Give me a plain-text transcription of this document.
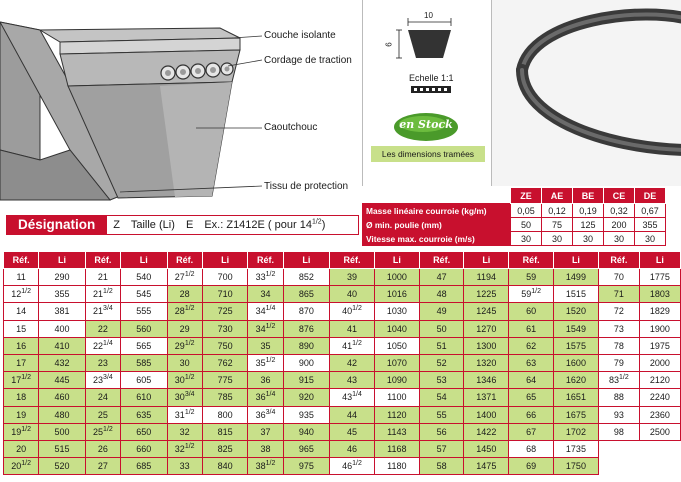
Couche isolante
Cordage de traction
Caoutchouc
Tissu de protection
10
6
Echelle 1:1
en Stock
Les dimensions tramées
Désignation	Z Taille (Li) E Ex.: Z1412E ( pour $14^{1/2}$)
	ZE	AE	BE	CE	DE
Masse linéaire courroie (kg/m)	0,05	0,12	0,19	0,32	0,67
Ø min. poulie (mm)	50	75	125	200	355
Vitesse max. courroie (m/s)	30	30	30	30	30
Réf.	Li	Réf.	Li	Réf.	Li	Réf.	Li	Réf.	Li	Réf.	Li	Réf.	Li	Réf.	Li
11	290	21	540	$27^{1/2}$	700	$33^{1/2}$	852	39	1000	47	1194	59	1499	70	1775
$12^{1/2}$	355	$21^{1/2}$	545	28	710	34	865	40	1016	48	1225	$59^{1/2}$	1515	71	1803
14	381	$21^{3/4}$	555	$28^{1/2}$	725	$34^{1/4}$	870	$40^{1/2}$	1030	49	1245	60	1520	72	1829
15	400	22	560	29	730	$34^{1/2}$	876	41	1040	50	1270	61	1549	73	1900
16	410	$22^{1/4}$	565	$29^{1/2}$	750	35	890	$41^{1/2}$	1050	51	1300	62	1575	78	1975
17	432	23	585	30	762	$35^{1/2}$	900	42	1070	52	1320	63	1600	79	2000
$17^{1/2}$	445	$23^{3/4}$	605	$30^{1/2}$	775	36	915	43	1090	53	1346	64	1620	$83^{1/2}$	2120
18	460	24	610	$30^{3/4}$	785	$36^{1/4}$	920	$43^{1/4}$	1100	54	1371	65	1651	88	2240
19	480	25	635	$31^{1/2}$	800	$36^{3/4}$	935	44	1120	55	1400	66	1675	93	2360
$19^{1/2}$	500	$25^{1/2}$	650	32	815	37	940	45	1143	56	1422	67	1702	98	2500
20	515	26	660	$32^{1/2}$	825	38	965	46	1168	57	1450	68	1735		
$20^{1/2}$	520	27	685	33	840	$38^{1/2}$	975	$46^{1/2}$	1180	58	1475	69	1750		
